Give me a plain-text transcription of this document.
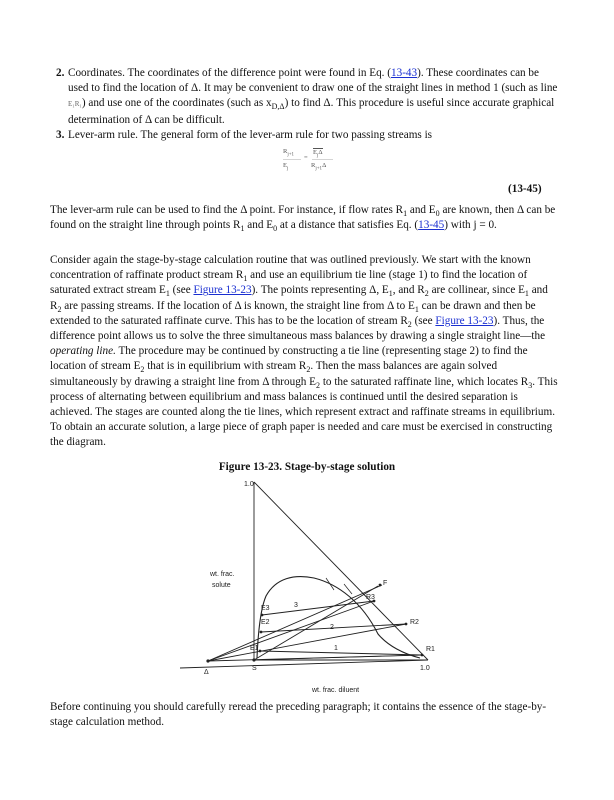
2. Coordinates. The coordinates of the difference point were found in Eq. (13-43). These coordinates can be used to find the location of Δ. It may be convenient to draw one of the straight lines in method 1 (such as line E₁R₁) and use one of the coordinates (such as $x_{D,\Delta}$) to find Δ. This procedure is useful since accurate graphical determination of Δ can be difficult.
3. Lever-arm rule. The general form of the lever-arm rule for two passing streams is
$R_{j+1}$	$E_j\Delta$
=
$E_j$	$R_{j+1}\Delta$
(13-45)
The lever-arm rule can be used to find the Δ point. For instance, if flow rates $R_1$ and $E_0$ are known, then Δ can be found on the straight line through points $R_1$ and $E_0$ at a distance that satisfies Eq. (13-45) with j = 0.
Consider again the stage-by-stage calculation routine that was outlined previously. We start with the known concentration of raffinate product stream $R_1$ and use an equilibrium tie line (stage 1) to find the location of saturated extract stream $E_1$ (see Figure 13-23). The points representing Δ, $E_1$, and $R_2$ are collinear, since $E_1$ and $R_2$ are passing streams. If the location of Δ is known, the straight line from Δ to $E_1$ can be drawn and then be extended to the saturated raffinate curve. This has to be the location of stream $R_2$ (see Figure 13-23). Thus, the difference point allows us to solve the three simultaneous mass balances by drawing a single straight line—the operating line. The procedure may be continued by constructing a tie line (representing stage 2) to find the location of stream $E_2$ that is in equilibrium with stream $R_2$. Then the mass balances are again solved simultaneously by drawing a straight line from Δ through $E_2$ to the saturated raffinate line, which locates $R_3$. This process of alternating between equilibrium and mass balances is continued until the desired separation is achieved. The stages are counted along the tie lines, which represent extract and raffinate streams in equilibrium. To obtain an accurate solution, a large piece of graph paper is needed and care must be exercised in constructing the diagram.
Figure 13-23. Stage-by-stage solution
1.0
wt. frac.
solute
wt. frac. diluent
1.0
Δ
S
F
R3
R2
R1
E3
E2
E1
3
2
1
Before continuing you should carefully reread the preceding paragraph; it contains the essence of the stage-by-stage calculation method.
